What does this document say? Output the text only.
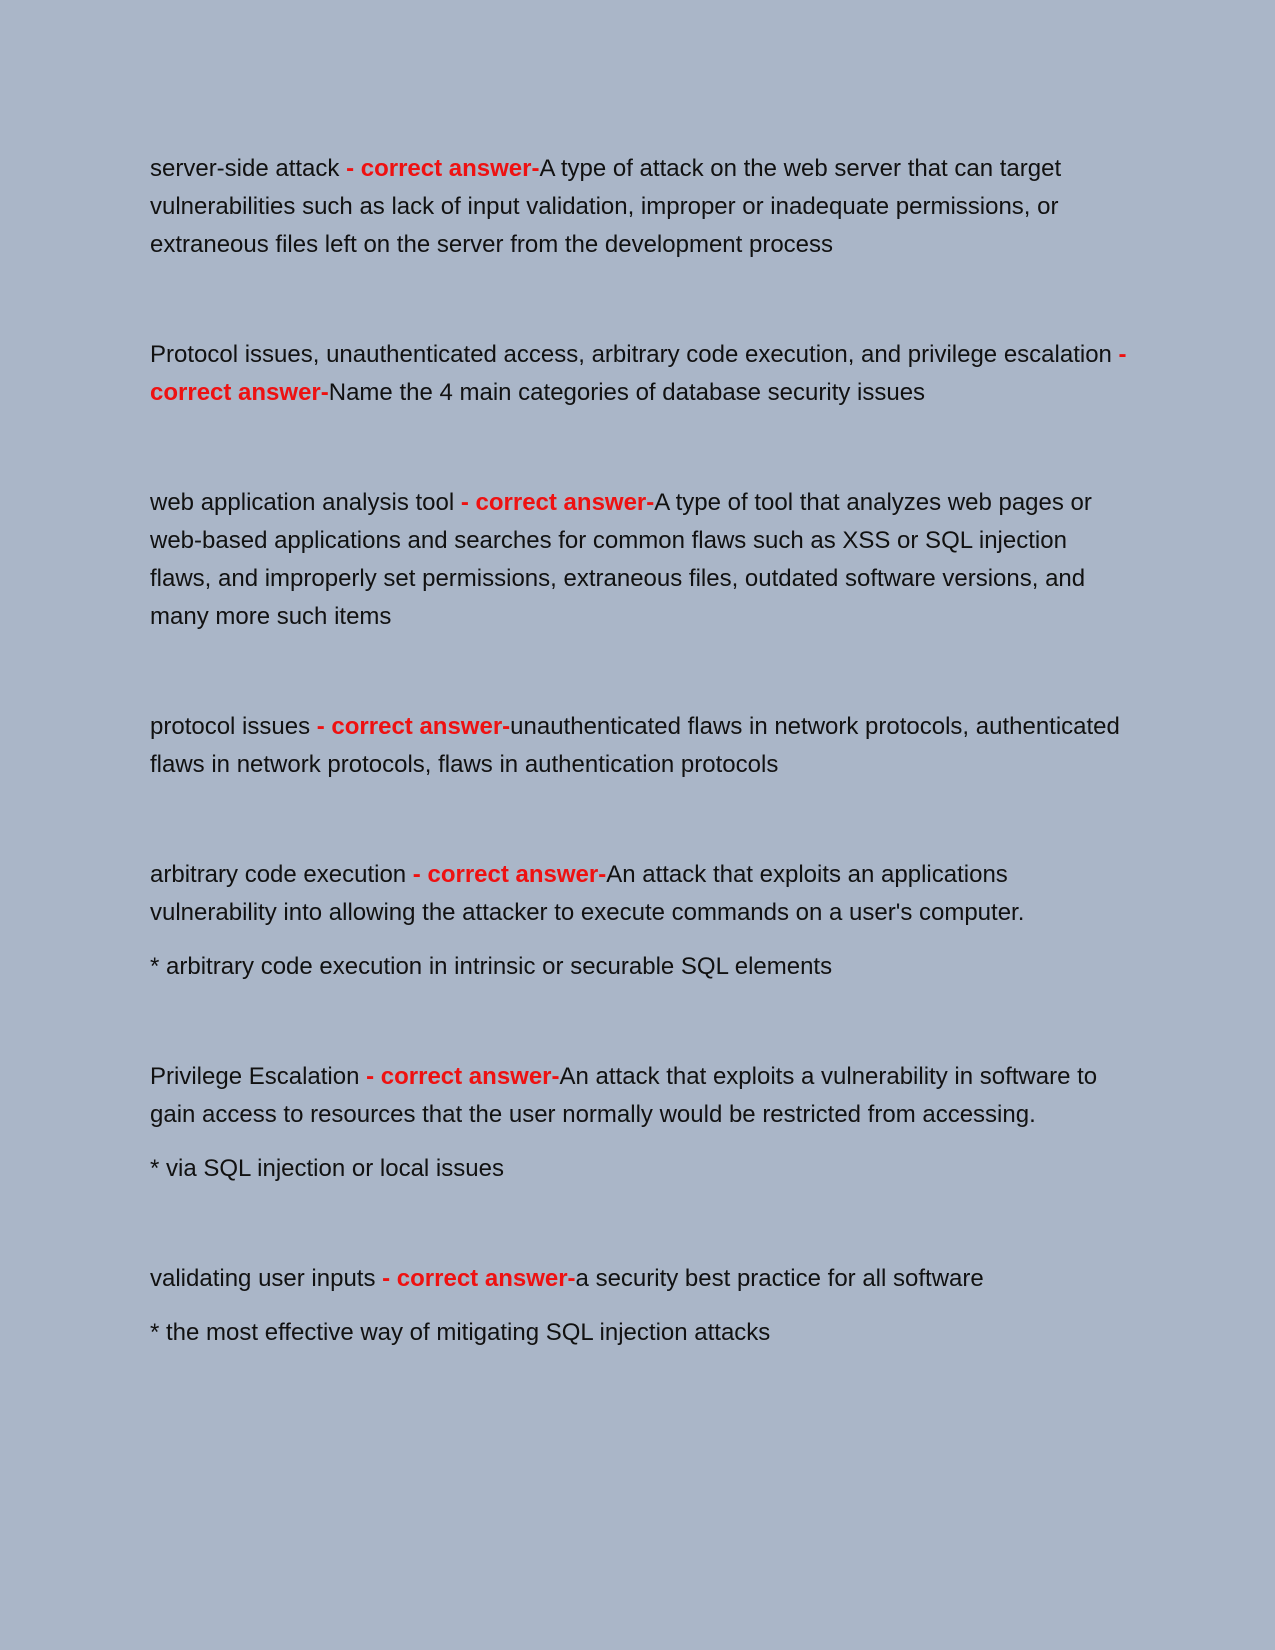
server-side attack - correct answer-A type of attack on the web server that can target vulnerabilities such as lack of input validation, improper or inadequate permissions, or extraneous files left on the server from the development process

Protocol issues, unauthenticated access, arbitrary code execution, and privilege escalation - correct answer-Name the 4 main categories of database security issues

web application analysis tool - correct answer-A type of tool that analyzes web pages or web-based applications and searches for common flaws such as XSS or SQL injection flaws, and improperly set permissions, extraneous files, outdated software versions, and many more such items

protocol issues - correct answer-unauthenticated flaws in network protocols, authenticated flaws in network protocols, flaws in authentication protocols

arbitrary code execution - correct answer-An attack that exploits an applications vulnerability into allowing the attacker to execute commands on a user's computer.

* arbitrary code execution in intrinsic or securable SQL elements

Privilege Escalation - correct answer-An attack that exploits a vulnerability in software to gain access to resources that the user normally would be restricted from accessing.

* via SQL injection or local issues

validating user inputs - correct answer-a security best practice for all software

* the most effective way of mitigating SQL injection attacks
